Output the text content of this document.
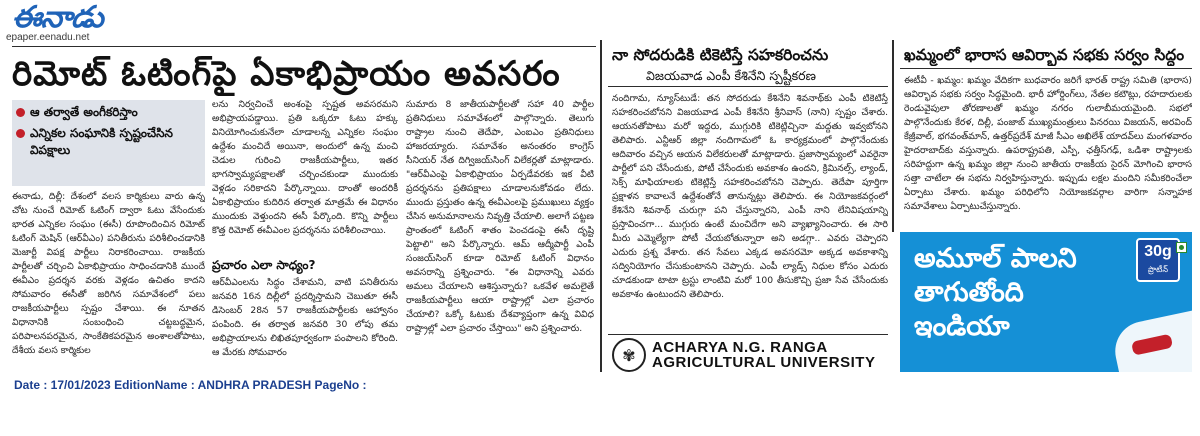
ఈనాడు
epaper.eenadu.net
రిమోట్ ఓటింగ్‌పై ఏకాభిప్రాయం అవసరం
ఆ తర్వాతే అంగీకరిస్తాం
ఎన్నికల సంఘానికి స్పష్టంచేసిన విపక్షాలు
ఈనాడు, దిల్లీ: దేశంలో వలస కార్మికులు వారు ఉన్న చోట నుంచే రిమోట్ ఓటింగ్ ద్వారా ఓటు వేసేందుకు భారత ఎన్నికల సంఘం (ఈసీ) రూపొందించిన రిమోట్ ఓటింగ్ మెషిన్ (ఆర్‌వీఎం) పనితీరును పరిశీలించడానికి మెజార్టీ విపక్ష పార్టీలు నిరాకరించాయి. రాజకీయ పార్టీలతో చర్చించి ఏకాభిప్రాయం సాధించడానికి ముందే ఈవీఎం ప్రదర్శన వరకు వెళ్లడం ఉచితం కాదని సోమవారం ఈసీతో జరిగిన సమావేశంలో పలు రాజకీయపార్టీలు స్పష్టం చేశాయి. ఈ నూతన విధానానికి సంబంధించి చట్టబద్ధమైన, పరిపాలనపరమైన, సాంకేతికపరమైన అంశాలతోపాటు, దేశీయ వలస కార్మికుల
లను నిర్వచించే అంశంపై స్పష్టత అవసరమని అభిప్రాయపడ్డాయి. ప్రతి ఒక్కరూ ఓటు హక్కు వినియోగించుకునేలా చూడాలన్న ఎన్నికల సంఘం ఉద్దేశం మంచిదే అయినా, అందులో ఉన్న మంచి చెడుల గురించి రాజకీయపార్టీలు, ఇతర భాగస్వామ్యపక్షాలతో చర్చించకుండా ముందుకు వెళ్లడం సరికాదని పేర్కొన్నాయి. దాంతో అందరికీ ఏకాభిప్రాయం కుదిరిన తర్వాత మాత్రమే ఈ విధానం ముందుకు వెళ్తుందని ఈసీ పేర్కొంది. కొన్ని పార్టీలు కొత్త రిమోట్ ఈవీఎంల ప్రదర్శనను పరిశీలించాయి.
ప్రచారం ఎలా సాధ్యం?
ఆర్‌వీఎంలను సిద్ధం చేశామని, వాటి పనితీరును జనవరి 16న దిల్లీలో ప్రదర్శిస్తామని చెబుతూ ఈసీ డిసెంబర్ 28న 57 రాజకీయపార్టీలకు ఆహ్వానం పంపింది. ఈ తర్వాత జనవరి 30 లోపు తమ అభిప్రాయాలను లిఖితపూర్వకంగా పంపాలని కోరింది. ఆ మేరకు సోమవారం
సుమారు 8 జాతీయపార్టీలతో సహా 40 పార్టీల ప్రతినిధులు సమావేశంలో పాల్గొన్నారు. తెలుగు రాష్ట్రాల నుంచి తెదేపా, ఎంఐఎం ప్రతినిధులు హాజరయ్యారు. సమావేశం అనంతరం కాంగ్రెస్ సీనియర్ నేత దిగ్విజయ్‌సింగ్ విలేకర్లతో మాట్లాడారు. "ఆర్‌వీఎంపై ఏకాభిప్రాయం ఏర్పడేవరకు ఇక వీటి ప్రదర్శనను ప్రతిపక్షాలు చూడాలనుకోవడం లేదు. ముందు ప్రస్తుతం ఉన్న ఈవీఎంలపై ప్రముఖులు వ్యక్తం చేసిన అనుమానాలను నివృత్తి చేయాలి. అలాగే పట్టణ ప్రాంతంలో ఓటింగ్ శాతం పెంచడంపై ఈసీ దృష్టి పెట్టాలి" అని పేర్కొన్నారు. ఆమ్ ఆద్మీపార్టీ ఎంపీ సంజయ్‌సింగ్ కూడా రిమోట్ ఓటింగ్ విధానం అవసరాన్ని ప్రశ్నించారు. "ఈ విధానాన్ని ఎవరు అమలు చేయాలని ఆశిస్తున్నారు? ఒకవేళ అమలైతే రాజకీయపార్టీలు ఆయా రాష్ట్రాల్లో ఎలా ప్రచారం చేయాలి? ఒక్కో ఓటుకు దేశవ్యాప్తంగా ఉన్న వివిధ రాష్ట్రాల్లో ఎలా ప్రచారం చేస్తాయి" అని ప్రశ్నించారు.
నా సోదరుడికి టికెటిస్తే సహకరించను
విజయవాడ ఎంపీ కేశినేని స్పష్టీకరణ
నందిగామ, న్యూస్‌టుడే: తన సోదరుడు కేశినేని శివనాథ్‌కు ఎంపీ టికెటిస్తే సహకరించబోనని విజయవాడ ఎంపీ కేశినేని శ్రీనివాస్ (నాని) స్పష్టం చేశారు. ఆయనతోపాటు మరో ఇద్దరు, ముగ్గురికి టికెట్లిచ్చినా మద్దతు ఇవ్వబోనని తెలిపారు. ఎన్టీఆర్ జిల్లా నందిగామలో ఓ కార్యక్రమంలో పాల్గొనేందుకు ఆదివారం వచ్చిన ఆయన విలేకరులతో మాట్లాడారు. ప్రజాస్వామ్యంలో ఎవరైనా పార్టీలో పని చేసేందుకు, పోటీ చేసేందుకు అవకాశం ఉందని, క్రిమినల్స్, ల్యాండ్, సెక్స్ మాఫియాలకు టికెట్లిస్తే సహకరించబోనని చెప్పారు. తెదేపా పూర్తిగా ప్రక్షాళన కావాలనే ఉద్దేశంతోనే తానున్నట్లు తెలిపారు. ఈ నియోజకవర్గంలో కేశినేని శివనాథ్ చురుగ్గా పని చేస్తున్నారని, ఎంపీ నాని లేనివిషయాన్ని ప్రస్తావించగా... ముగ్గురు ఉంటే మంచిదేగా అని వ్యాఖ్యానించారు. ఈ సారి మీరు ఎమ్మెల్యేగా పోటీ చేయబోతున్నారా అని అడగ్గా.. ఎవరు చెప్పారని ఎదురు ప్రశ్న వేశారు. తన సేవలు ఎక్కడ అవసరమో అక్కడ అవకాశాన్ని సద్వినియోగం చేసుకుంటానని చెప్పారు. ఎంపీ ల్యాడ్స్ నిధుల కోసం ఎదురు చూడకుండా టాటా ట్రస్టు లాంటివి మరో 100 తీసుకొచ్చి ప్రజా సేవ చేసేందుకు అవకాశం ఉంటుందని తెలిపారు.
✾	ACHARYA N.G. RANGA
AGRICULTURAL UNIVERSITY
ఖమ్మంలో భారాస ఆవిర్భావ సభకు సర్వం సిద్ధం
ఈటీవీ - ఖమ్మం: ఖమ్మం వేదికగా బుధవారం జరిగే భారత్ రాష్ట్ర సమితి (భారాస) ఆవిర్భావ సభకు సర్వం సిద్ధమైంది. భారీ హోర్డింగ్‌లు, నేతల కటౌట్లు, రహదారులకు రెండువైపులా తోరణాలతో ఖమ్మం నగరం గులాబీమయమైంది. సభలో పాల్గొనేందుకు కేరళ, దిల్లీ, పంజాబ్ ముఖ్యమంత్రులు పినరయి విజయన్, అరవింద్ కేజ్రీవాల్, భగవంత్‌మాన్, ఉత్తర్‌ప్రదేశ్ మాజీ సీఎం అఖిలేశ్ యాదవ్‌లు మంగళవారం హైదరాబాద్‌కు వస్తున్నారు. ఉపరాష్ట్రపతి, ఎస్పీ, ఛత్తీస్‌గఢ్, ఒడిశా రాష్ట్రాలకు సరిహద్దుగా ఉన్న ఖమ్మం జిల్లా నుంచి జాతీయ రాజకీయ సైరన్ మోగించి భారాస సత్తా చాటేలా ఈ సభను నిర్వహిస్తున్నారు. ఇప్పుడు లక్షల మందిని సమీకరించేలా ఏర్పాటు చేశారు. ఖమ్మం పరిధిలోని నియోజకవర్గాల వారిగా సన్నాహక సమావేశాలు ఏర్పాటుచేస్తున్నారు.
అమూల్ పాలని
తాగుతోంది
ఇండియా
30g
ప్రొటీన్
Date : 17/01/2023 EditionName : ANDHRA PRADESH PageNo :
